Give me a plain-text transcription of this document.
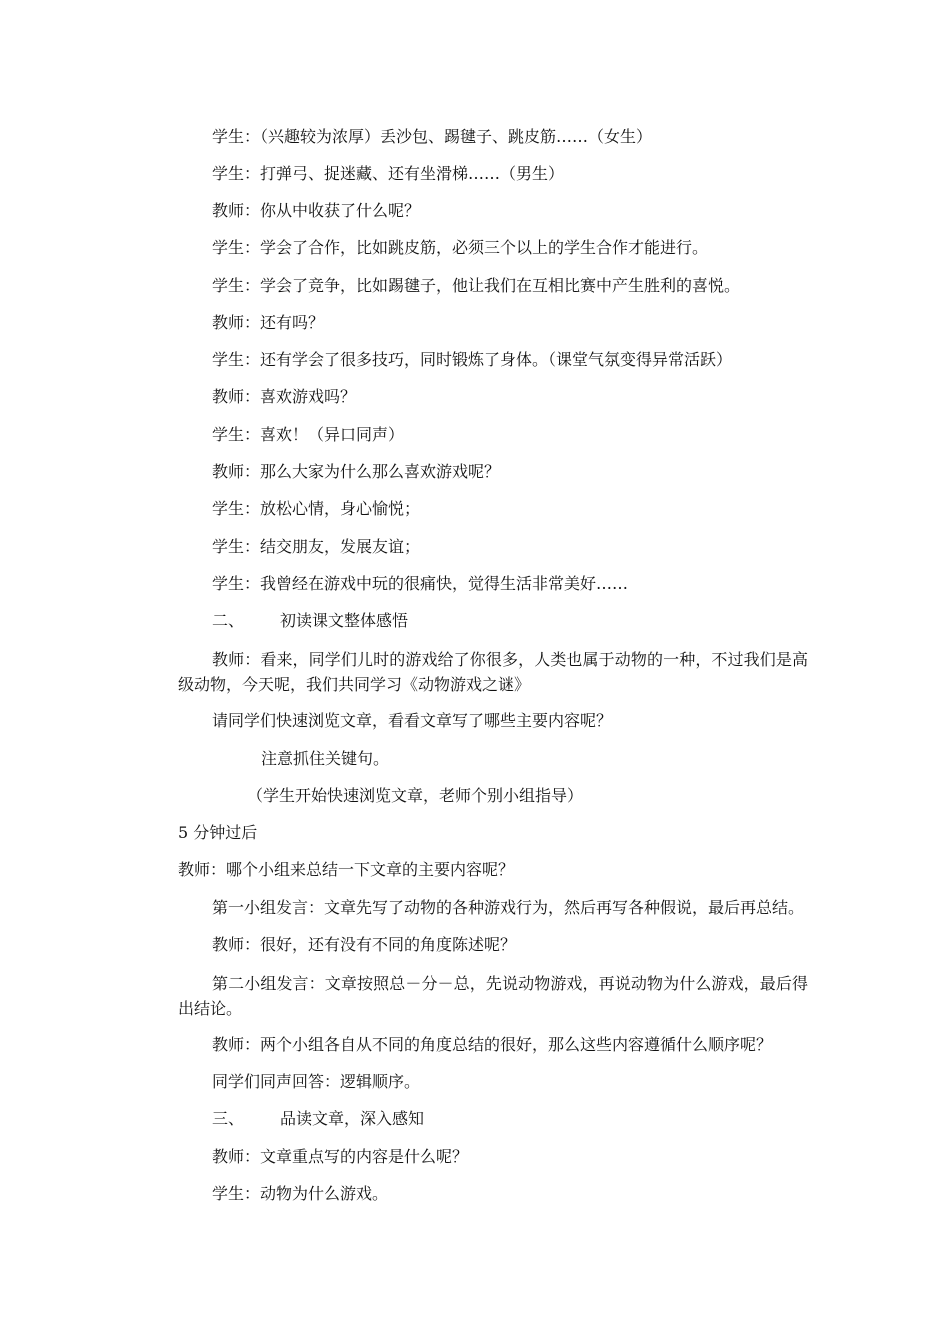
学生：（兴趣较为浓厚）丢沙包、踢毽子、跳皮筋……（女生）
学生：打弹弓、捉迷藏、还有坐滑梯……（男生）
教师：你从中收获了什么呢？
学生：学会了合作，比如跳皮筋，必须三个以上的学生合作才能进行。
学生：学会了竞争，比如踢毽子，他让我们在互相比赛中产生胜利的喜悦。
教师：还有吗？
学生：还有学会了很多技巧，同时锻炼了身体。（课堂气氛变得异常活跃）
教师：喜欢游戏吗？
学生：喜欢！（异口同声）
教师：那么大家为什么那么喜欢游戏呢？
学生：放松心情，身心愉悦；
学生：结交朋友，发展友谊；
学生：我曾经在游戏中玩的很痛快，觉得生活非常美好……
二、 初读课文整体感悟
教师：看来，同学们儿时的游戏给了你很多，人类也属于动物的一种，不过我们是高级动物，今天呢，我们共同学习《动物游戏之谜》
请同学们快速浏览文章，看看文章写了哪些主要内容呢？
注意抓住关键句。
（学生开始快速浏览文章，老师个别小组指导）
5 分钟过后
教师：哪个小组来总结一下文章的主要内容呢？
第一小组发言：文章先写了动物的各种游戏行为，然后再写各种假说，最后再总结。
教师：很好，还有没有不同的角度陈述呢？
第二小组发言：文章按照总－分－总，先说动物游戏，再说动物为什么游戏，最后得出结论。
教师：两个小组各自从不同的角度总结的很好，那么这些内容遵循什么顺序呢？
同学们同声回答：逻辑顺序。
三、 品读文章，深入感知
教师：文章重点写的内容是什么呢？
学生：动物为什么游戏。
